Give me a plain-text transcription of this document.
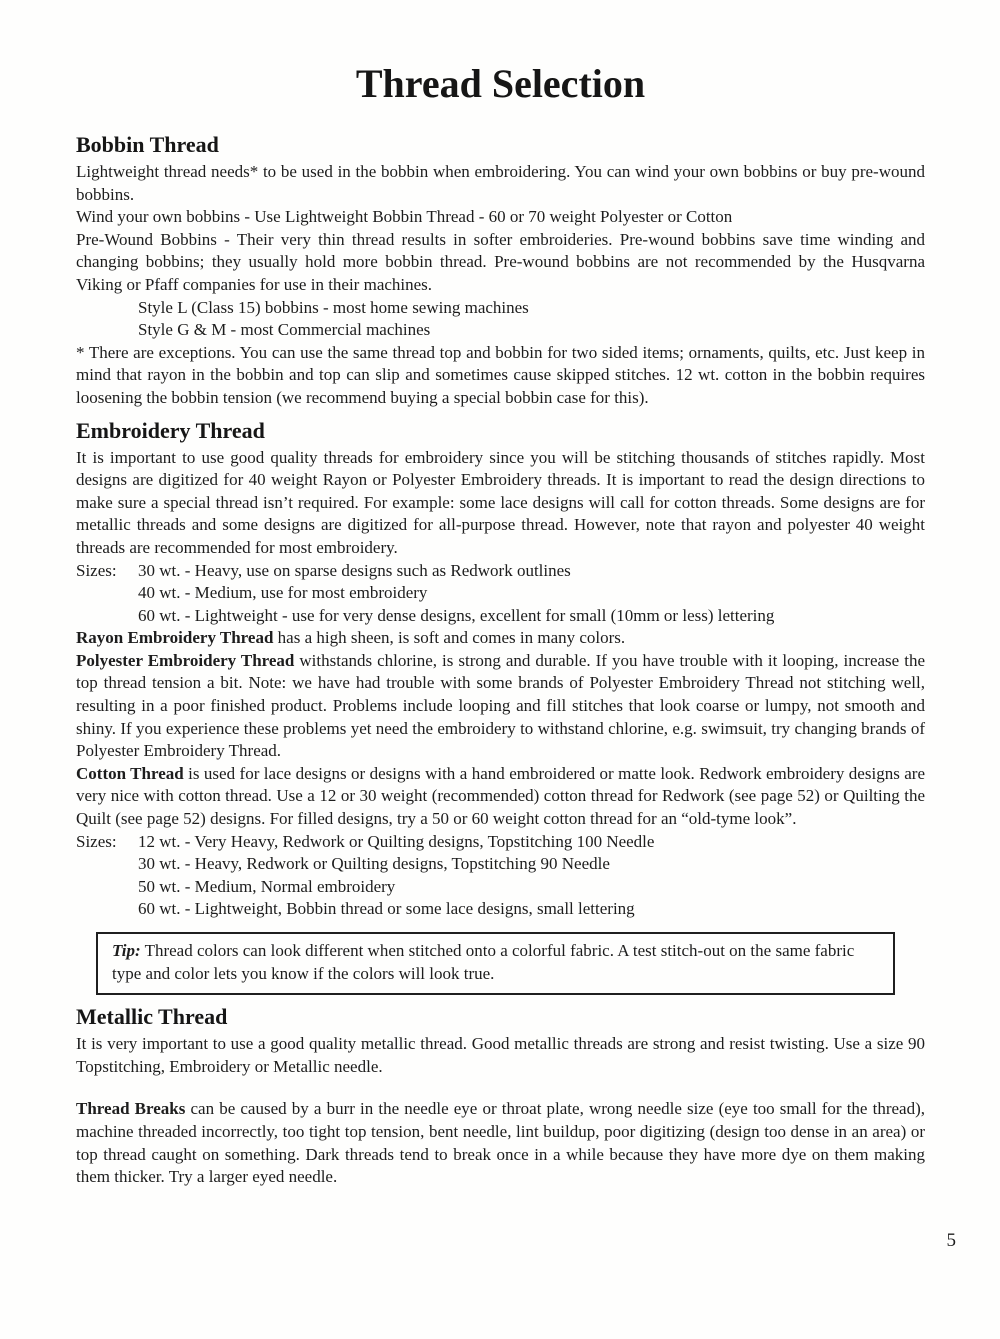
Thread Selection
Bobbin Thread

Lightweight thread needs* to be used in the bobbin when embroidering. You can wind your own bobbins or buy pre-wound bobbins.

Wind your own bobbins - Use Lightweight Bobbin Thread - 60 or 70 weight Polyester or Cotton

Pre-Wound Bobbins - Their very thin thread results in softer embroideries. Pre-wound bobbins save time winding and changing bobbins; they usually hold more bobbin thread. Pre-wound bobbins are not recommended by the Husqvarna Viking or Pfaff companies for use in their machines.

Style L (Class 15) bobbins - most home sewing machines
Style G & M - most Commercial machines

* There are exceptions. You can use the same thread top and bobbin for two sided items; ornaments, quilts, etc. Just keep in mind that rayon in the bobbin and top can slip and sometimes cause skipped stitches. 12 wt. cotton in the bobbin requires loosening the bobbin tension (we recommend buying a special bobbin case for this).

Embroidery Thread

It is important to use good quality threads for embroidery since you will be stitching thousands of stitches rapidly. Most designs are digitized for 40 weight Rayon or Polyester Embroidery threads. It is important to read the design directions to make sure a special thread isn’t required. For example: some lace designs will call for cotton threads. Some designs are for metallic threads and some designs are digitized for all-purpose thread. However, note that rayon and polyester 40 weight threads are recommended for most embroidery.

Sizes:	30 wt. - Heavy, use on sparse designs such as Redwork outlines
40 wt. - Medium, use for most embroidery
60 wt. - Lightweight - use for very dense designs, excellent for small (10mm or less) lettering

Rayon Embroidery Thread has a high sheen, is soft and comes in many colors.

Polyester Embroidery Thread withstands chlorine, is strong and durable. If you have trouble with it looping, increase the top thread tension a bit. Note: we have had trouble with some brands of Polyester Embroidery Thread not stitching well, resulting in a poor finished product. Problems include looping and fill stitches that look coarse or lumpy, not smooth and shiny. If you experience these problems yet need the embroidery to withstand chlorine, e.g. swimsuit, try changing brands of Polyester Embroidery Thread.

Cotton Thread is used for lace designs or designs with a hand embroidered or matte look. Redwork embroidery designs are very nice with cotton thread. Use a 12 or 30 weight (recommended) cotton thread for Redwork (see page 52) or Quilting the Quilt (see page 52) designs. For filled designs, try a 50 or 60 weight cotton thread for an “old-tyme look”.

Sizes:	12 wt. - Very Heavy, Redwork or Quilting designs, Topstitching 100 Needle
30 wt. - Heavy, Redwork or Quilting designs, Topstitching 90 Needle
50 wt. - Medium, Normal embroidery
60 wt. - Lightweight, Bobbin thread or some lace designs, small lettering

Tip: Thread colors can look different when stitched onto a colorful fabric. A test stitch-out on the same fabric type and color lets you know if the colors will look true.

Metallic Thread

It is very important to use a good quality metallic thread. Good metallic threads are strong and resist twisting. Use a size 90 Topstitching, Embroidery or Metallic needle.

Thread Breaks can be caused by a burr in the needle eye or throat plate, wrong needle size (eye too small for the thread), machine threaded incorrectly, too tight top tension, bent needle, lint buildup, poor digitizing (design too dense in an area) or top thread caught on something. Dark threads tend to break once in a while because they have more dye on them making them thicker. Try a larger eyed needle.

5
